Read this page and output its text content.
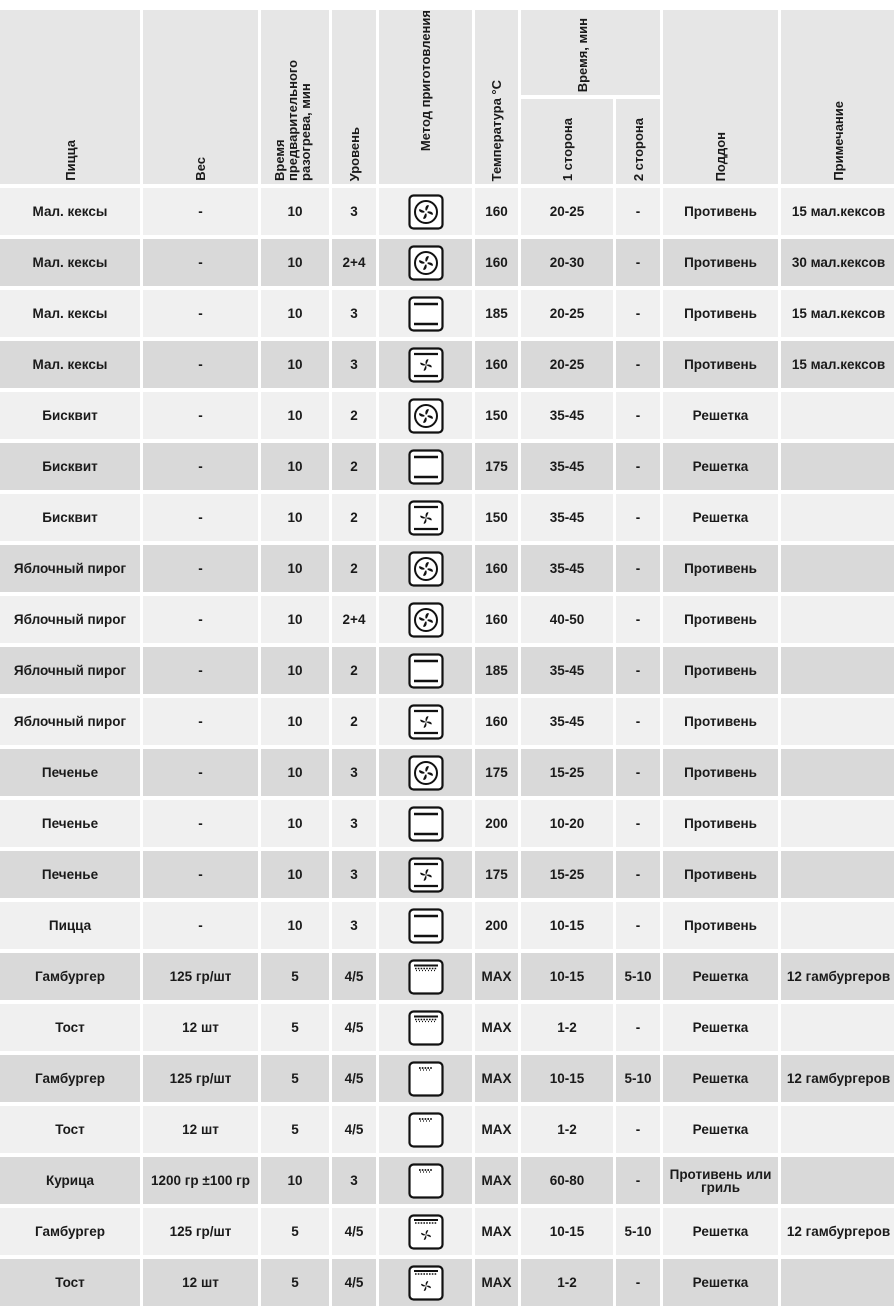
Пицца	Вес	Время предварительного разогрева, мин	Уровень	Метод приготовления	Температура °C	Время, мин		Поддон	Примечание
						1 сторона	2 сторона		
Мал. кексы	-	10	3		160	20-25	-	Противень	15 мал.кексов
Мал. кексы	-	10	2+4		160	20-30	-	Противень	30 мал.кексов
Мал. кексы	-	10	3		185	20-25	-	Противень	15 мал.кексов
Мал. кексы	-	10	3		160	20-25	-	Противень	15 мал.кексов
Бисквит	-	10	2		150	35-45	-	Решетка	
Бисквит	-	10	2		175	35-45	-	Решетка	
Бисквит	-	10	2		150	35-45	-	Решетка	
Яблочный пирог	-	10	2		160	35-45	-	Противень	
Яблочный пирог	-	10	2+4		160	40-50	-	Противень	
Яблочный пирог	-	10	2		185	35-45	-	Противень	
Яблочный пирог	-	10	2		160	35-45	-	Противень	
Печенье	-	10	3		175	15-25	-	Противень	
Печенье	-	10	3		200	10-20	-	Противень	
Печенье	-	10	3		175	15-25	-	Противень	
Пицца	-	10	3		200	10-15	-	Противень	
Гамбургер	125 гр/шт	5	4/5		MAX	10-15	5-10	Решетка	12 гамбургеров
Тост	12 шт	5	4/5		MAX	1-2	-	Решетка	
Гамбургер	125 гр/шт	5	4/5		MAX	10-15	5-10	Решетка	12 гамбургеров
Тост	12 шт	5	4/5		MAX	1-2	-	Решетка	
Курица	1200 гр ±100 гр	10	3		MAX	60-80	-	Противень или гриль	
Гамбургер	125 гр/шт	5	4/5		MAX	10-15	5-10	Решетка	12 гамбургеров
Тост	12 шт	5	4/5		MAX	1-2	-	Решетка	
